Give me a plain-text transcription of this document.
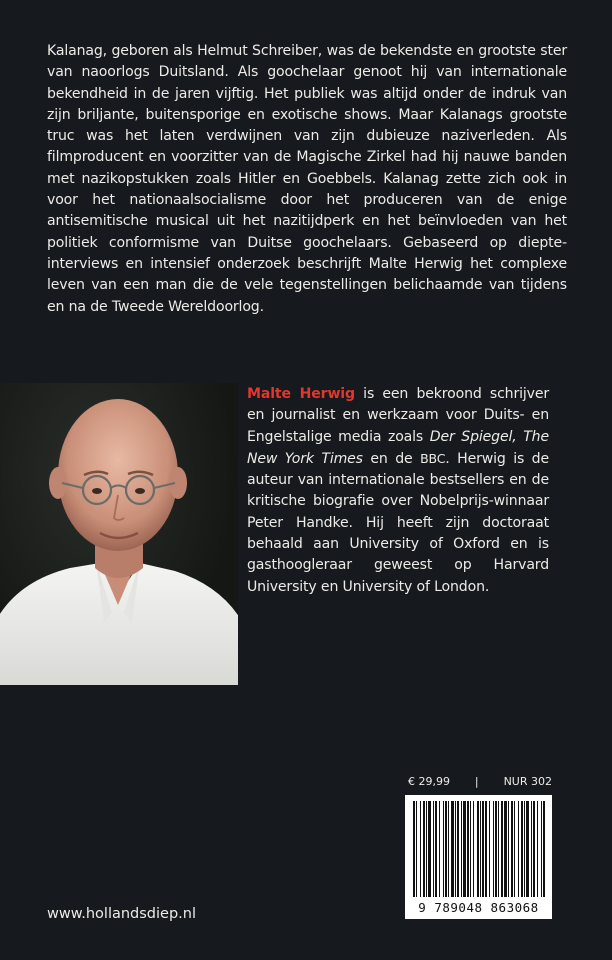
Kalanag, geboren als Helmut Schreiber, was de bekendste en grootste ster van naoorlogs Duitsland. Als goochelaar genoot hij van internationale bekendheid in de jaren vijftig. Het publiek was altijd onder de indruk van zijn briljante, buitensporige en exotische shows. Maar Kalanags grootste truc was het laten verdwijnen van zijn dubieuze naziverleden. Als filmproducent en voorzitter van de Magische Zirkel had hij nauwe banden met nazikopstukken zoals Hitler en Goebbels. Kalanag zette zich ook in voor het nationaalsocialisme door het produceren van de enige antisemitische musical uit het nazitijdperk en het beïnvloeden van het politiek conformisme van Duitse goochelaars. Gebaseerd op diepte-interviews en intensief onderzoek beschrijft Malte Herwig het complexe leven van een man die de vele tegenstellingen belichaamde van tijdens en na de Tweede Wereldoorlog.

Malte Herwig is een bekroond schrijver en journalist en werkzaam voor Duits- en Engelstalige media zoals Der Spiegel, The New York Times en de BBC. Herwig is de auteur van internationale bestsellers en de kritische biografie over Nobelprijs-winnaar Peter Handke. Hij heeft zijn doctoraat behaald aan University of Oxford en is gasthoogleraar geweest op Harvard University en University of London.

€ 29,99 | NUR 302
9 789048 863068
www.hollandsdiep.nl
